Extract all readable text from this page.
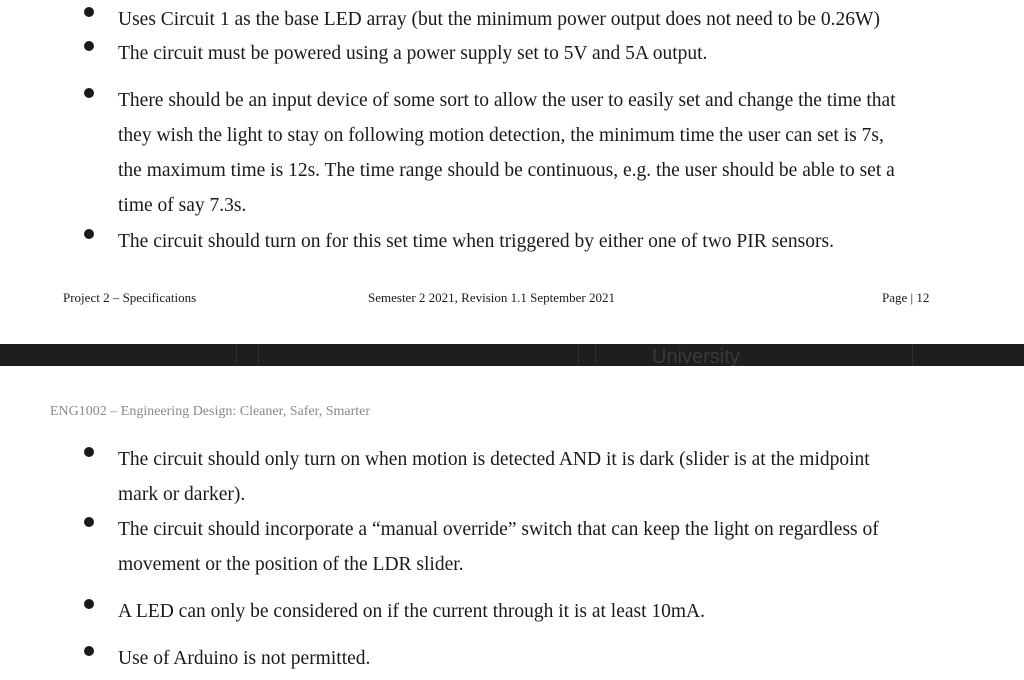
Uses Circuit 1 as the base LED array (but the minimum power output does not need to be 0.26W)
The circuit must be powered using a power supply set to 5V and 5A output.
There should be an input device of some sort to allow the user to easily set and change the time that
they wish the light to stay on following motion detection, the minimum time the user can set is 7s,
the maximum time is 12s. The time range should be continuous, e.g. the user should be able to set a
time of say 7.3s.
The circuit should turn on for this set time when triggered by either one of two PIR sensors.
Project 2 – Specifications	Semester 2 2021, Revision 1.1 September 2021	Page | 12
University
ENG1002 – Engineering Design: Cleaner, Safer, Smarter
The circuit should only turn on when motion is detected AND it is dark (slider is at the midpoint
mark or darker).
The circuit should incorporate a “manual override” switch that can keep the light on regardless of
movement or the position of the LDR slider.
A LED can only be considered on if the current through it is at least 10mA.
Use of Arduino is not permitted.
